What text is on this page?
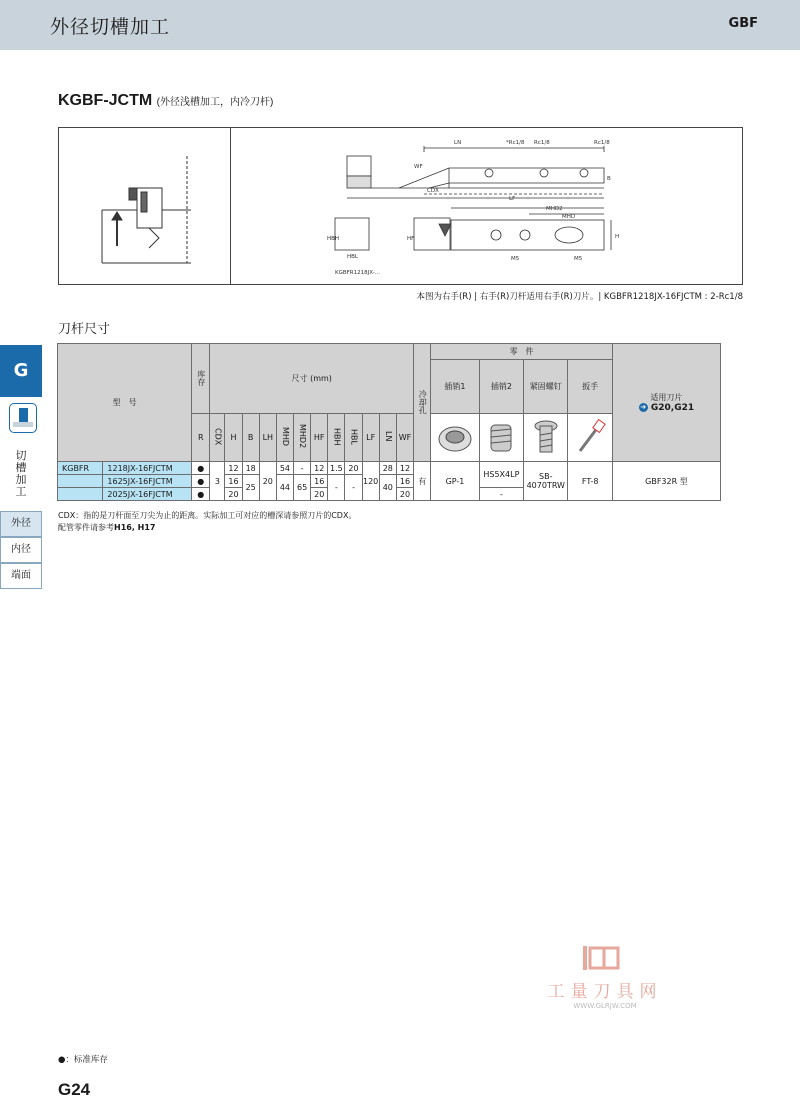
外径切槽加工	GBF
KGBF-JCTM (外径浅槽加工，内冷刀杆)
LN	*Rc1/8 Rc1/8	Rc1/8
WF
CDX
LF
MHD2
MHD
HF
HBL	M5	M5
B
H
HBH
KGBFR1218JX-...
本图为右手(R) | 右手(R)刀杆适用右手(R)刀片。| KGBFR1218JX-16FJCTM : 2-Rc1/8
刀杆尺寸
G
切槽加工
外径
内径
端面
型　号		库存	尺寸 (mm)												冷却孔	零　件				适用刀片
➜ G20,G21

																插销1	插销2	紧固螺钉	扳手	
		R	CDX	H	B	LH	MHD	MHD2	HF	HBH	HBL	LF	LN	WF				
KGBFR	1218JX-16FJCTM	●	3	12	18	20	54	-	12	1.5	20	120	28	12	有	GP-1	HS5X4LP	SB-4070TRW	FT-8	GBF32R 型
	1625JX-16FJCTM	●		16	25		44	65	16	-	-		40	16						
	2025JX-16FJCTM	●		20					20					20			-			
CDX：指的是刀杆面至刀尖为止的距离。实际加工可对应的槽深请参照刀片的CDX。
配管零件请参考H16, H17
工量刀具网
WWW.GLRJW.COM
●：标准库存
G24
